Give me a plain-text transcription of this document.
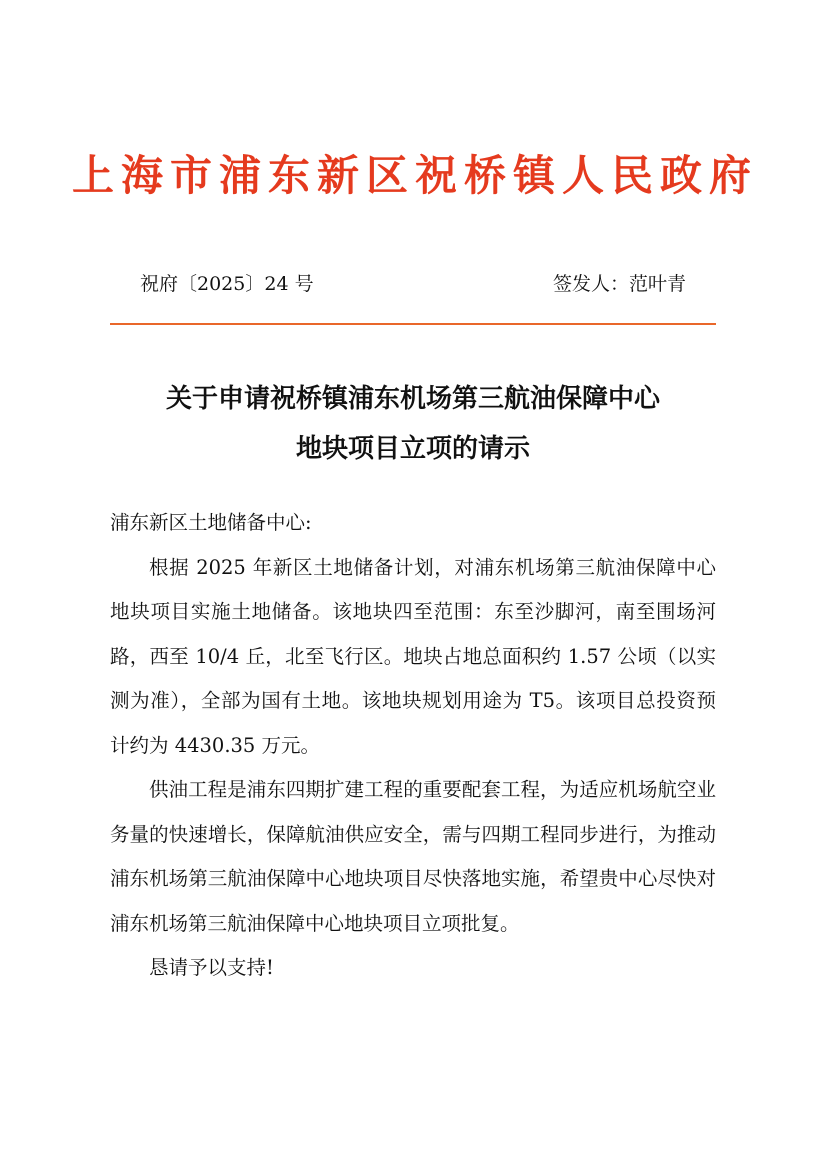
上海市浦东新区祝桥镇人民政府
祝府〔2025〕24 号	签发人：范叶青
关于申请祝桥镇浦东机场第三航油保障中心
地块项目立项的请示

浦东新区土地储备中心:

根据 2025 年新区土地储备计划，对浦东机场第三航油保障中心地块项目实施土地储备。该地块四至范围：东至沙脚河，南至围场河路，西至 10/4 丘，北至飞行区。地块占地总面积约 1.57 公顷（以实测为准），全部为国有土地。该地块规划用途为 T5。该项目总投资预计约为 4430.35 万元。

供油工程是浦东四期扩建工程的重要配套工程，为适应机场航空业务量的快速增长，保障航油供应安全，需与四期工程同步进行，为推动浦东机场第三航油保障中心地块项目尽快落地实施，希望贵中心尽快对浦东机场第三航油保障中心地块项目立项批复。

恳请予以支持!
